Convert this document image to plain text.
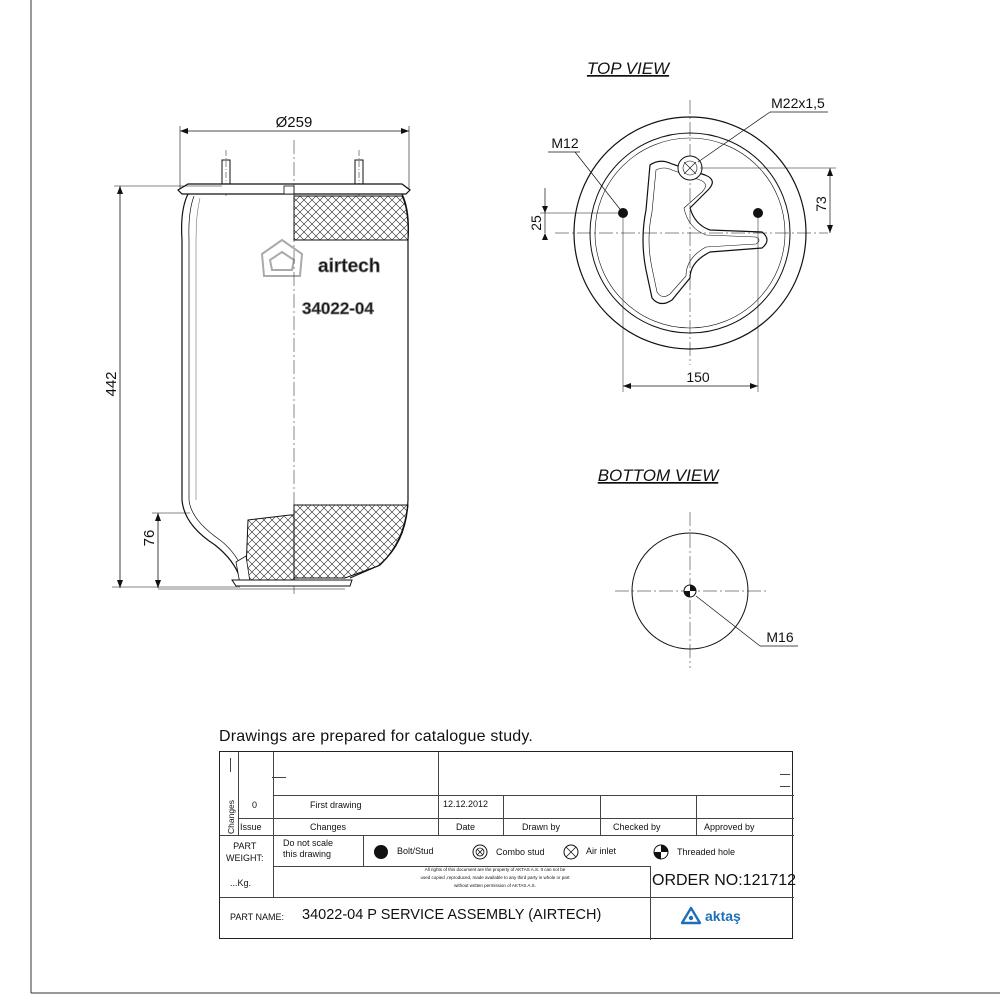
Ø259
airtech
34022-04
442
76
TOP VIEW
M22x1,5
M12
25
73
150
BOTTOM VIEW
M16
Drawings are prepared for catalogue study.
Changes 0	First drawing	12.12.2012
Issue	Changes	Date	Drawn by	Checked by	Approved by
PART
WEIGHT:
...Kg.
Do not scale
this drawing	Bolt/Stud	Combo stud	Air inlet	Threaded hole
All rights of this document are the property of AKTAS A.S. It can not be
used copied ,reproduced, made available to any third party in whole or part
without written permission of AKTAS A.S.	ORDER NO:121712
PART NAME: 34022-04 P SERVICE ASSEMBLY (AIRTECH)	aktaş
